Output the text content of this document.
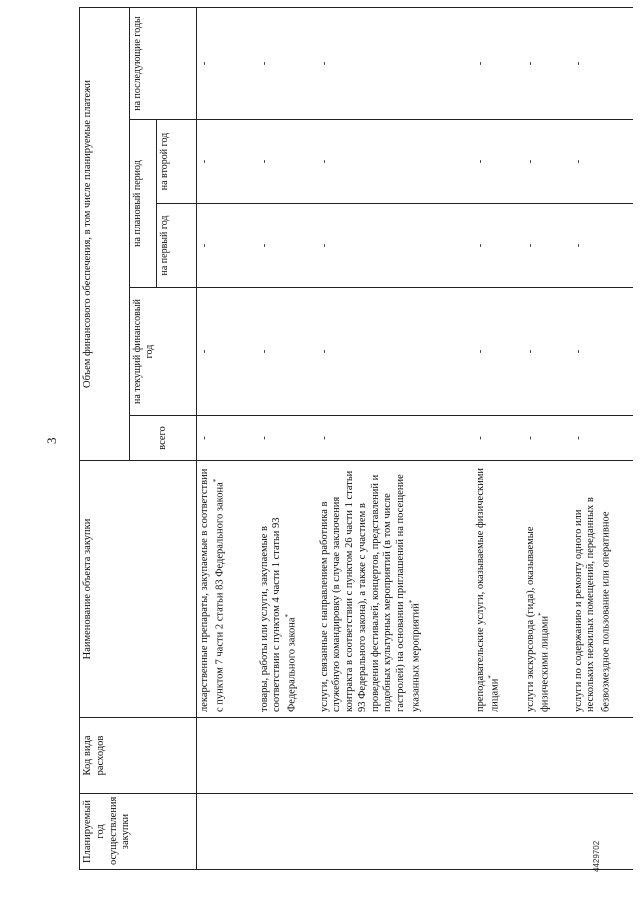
3
4429702
Планируемый год осуществления закупки	Код вида расходов	Наименование объекта закупки	Объем финансового обеспечения, в том числе планируемые платежи				
			всего	на текущий финансовый год	на плановый период		на последующие годы
					на первый год	на второй год	
		лекарственные препараты, закупаемые в соответствии с пунктом 7 части 2 статьи 83 Федерального закона*	-	-	-	-	-
		товары, работы или услуги, закупаемые в соответствии с пунктом 4 части 1 статьи 93 Федерального закона*	-	-	-	-	-
		услуги, связанные с направлением работника в служебную командировку (в случае заключения контракта в соответствии с пунктом 26 части 1 статьи 93 Федерального закона), а также с участием в проведении фестивалей, концертов, представлений и подобных культурных мероприятий (в том числе гастролей) на основании приглашений на посещение указанных мероприятий*	-	-	-	-	-
		преподавательские услуги, оказываемые физическими лицами*	-	-	-	-	-
		услуги экскурсовода (гида), оказываемые физическими лицами*	-	-	-	-	-
		услуги по содержанию и ремонту одного или нескольких нежилых помещений, переданных в безвозмездное пользование или оперативное	-	-	-	-	-
